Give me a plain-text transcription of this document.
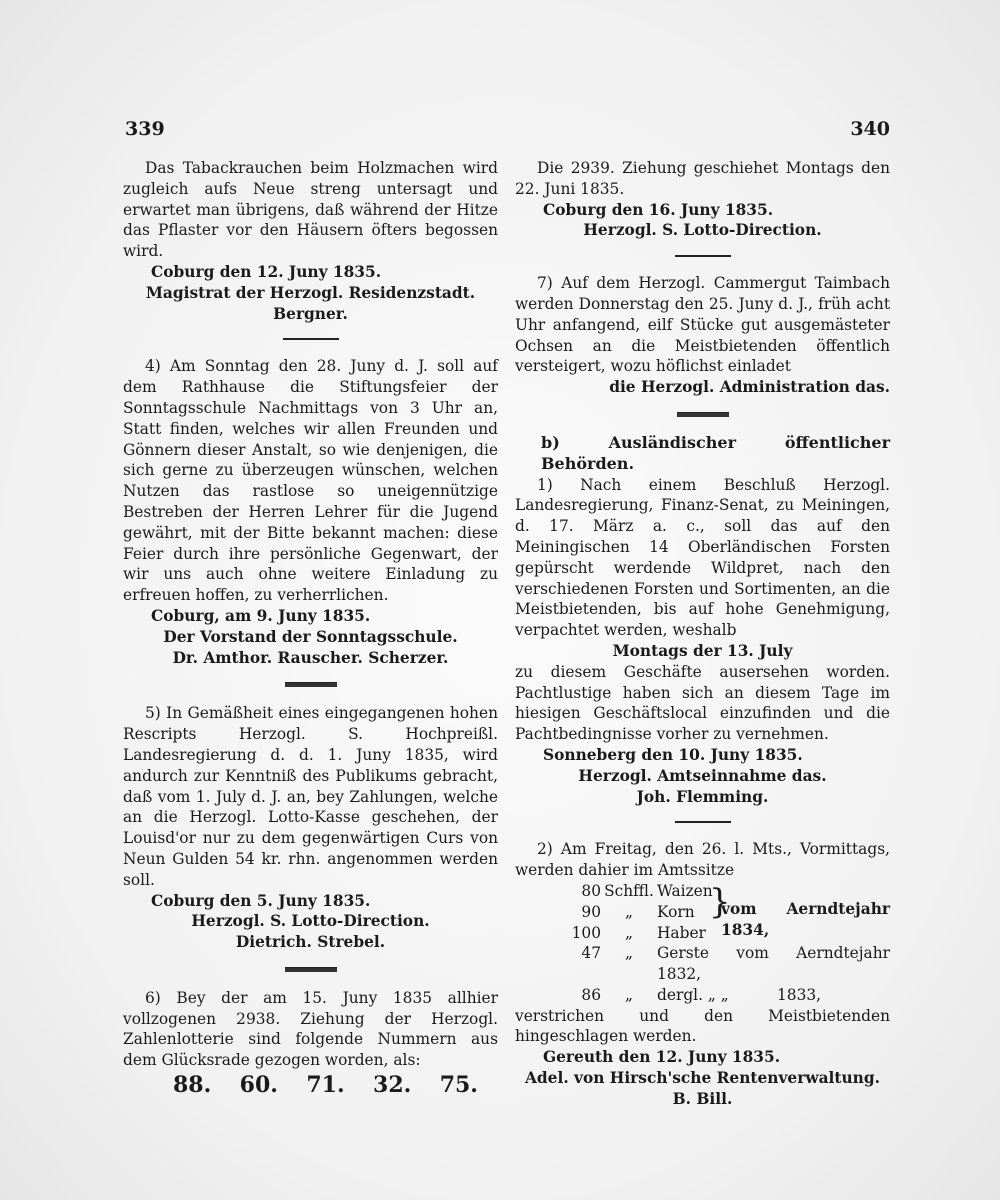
339	340

Das Tabackrauchen beim Holzmachen wird zugleich aufs Neue streng untersagt und erwartet man übrigens, daß während der Hitze das Pflaster vor den Häusern öfters begossen wird.

Coburg den 12. Juny 1835.

Magistrat der Herzogl. Residenzstadt.

Bergner.

4) Am Sonntag den 28. Juny d. J. soll auf dem Rathhause die Stiftungsfeier der Sonntagsschule Nachmittags von 3 Uhr an, Statt finden, welches wir allen Freunden und Gönnern dieser Anstalt, so wie denjenigen, die sich gerne zu überzeugen wünschen, welchen Nutzen das rastlose so uneigennützige Bestreben der Herren Lehrer für die Jugend gewährt, mit der Bitte bekannt machen: diese Feier durch ihre persönliche Gegenwart, der wir uns auch ohne weitere Einladung zu erfreuen hoffen, zu verherrlichen.

Coburg, am 9. Juny 1835.

Der Vorstand der Sonntagsschule.

Dr. Amthor. Rauscher. Scherzer.

5) In Gemäßheit eines eingegangenen hohen Rescripts Herzogl. S. Hochpreißl. Landesregierung d. d. 1. Juny 1835, wird andurch zur Kenntniß des Publikums gebracht, daß vom 1. July d. J. an, bey Zahlungen, welche an die Herzogl. Lotto-Kasse geschehen, der Louisd'or nur zu dem gegenwärtigen Curs von Neun Gulden 54 kr. rhn. angenommen werden soll.

Coburg den 5. Juny 1835.

Herzogl. S. Lotto-Direction.

Dietrich. Strebel.

6) Bey der am 15. Juny 1835 allhier vollzogenen 2938. Ziehung der Herzogl. Zahlenlotterie sind folgende Nummern aus dem Glücksrade gezogen worden, als:

88. 60. 71. 32. 75.

Die 2939. Ziehung geschiehet Montags den 22. Juni 1835.

Coburg den 16. Juny 1835.

Herzogl. S. Lotto-Direction.

7) Auf dem Herzogl. Cammergut Taimbach werden Donnerstag den 25. Juny d. J., früh acht Uhr anfangend, eilf Stücke gut ausgemästeter Ochsen an die Meistbietenden öffentlich versteigert, wozu höflichst einladet

die Herzogl. Administration das.

b) Ausländischer öffentlicher Behörden.

1) Nach einem Beschluß Herzogl. Landesregierung, Finanz-Senat, zu Meiningen, d. 17. März a. c., soll das auf den Meiningischen 14 Oberländischen Forsten gepürscht werdende Wildpret, nach den verschiedenen Forsten und Sortimenten, an die Meistbietenden, bis auf hohe Genehmigung, verpachtet werden, weshalb

Montags der 13. July

zu diesem Geschäfte ausersehen worden. Pachtlustige haben sich an diesem Tage im hiesigen Geschäftslocal einzufinden und die Pachtbedingnisse vorher zu vernehmen.

Sonneberg den 10. Juny 1835.

Herzogl. Amtseinnahme das.

Joh. Flemming.

2) Am Freitag, den 26. l. Mts., Vormittags, werden dahier im Amtssitze

80 Schffl. Waizen
90	„	Korn
100	„	Haber
47	„	Gerste vom Aerndtejahr 1832,
86	„	dergl. „ „	1833,
}
vom Aerndtejahr 1834,

verstrichen und den Meistbietenden hingeschlagen werden.

Gereuth den 12. Juny 1835.

Adel. von Hirsch'sche Rentenverwaltung.

B. Bill.
